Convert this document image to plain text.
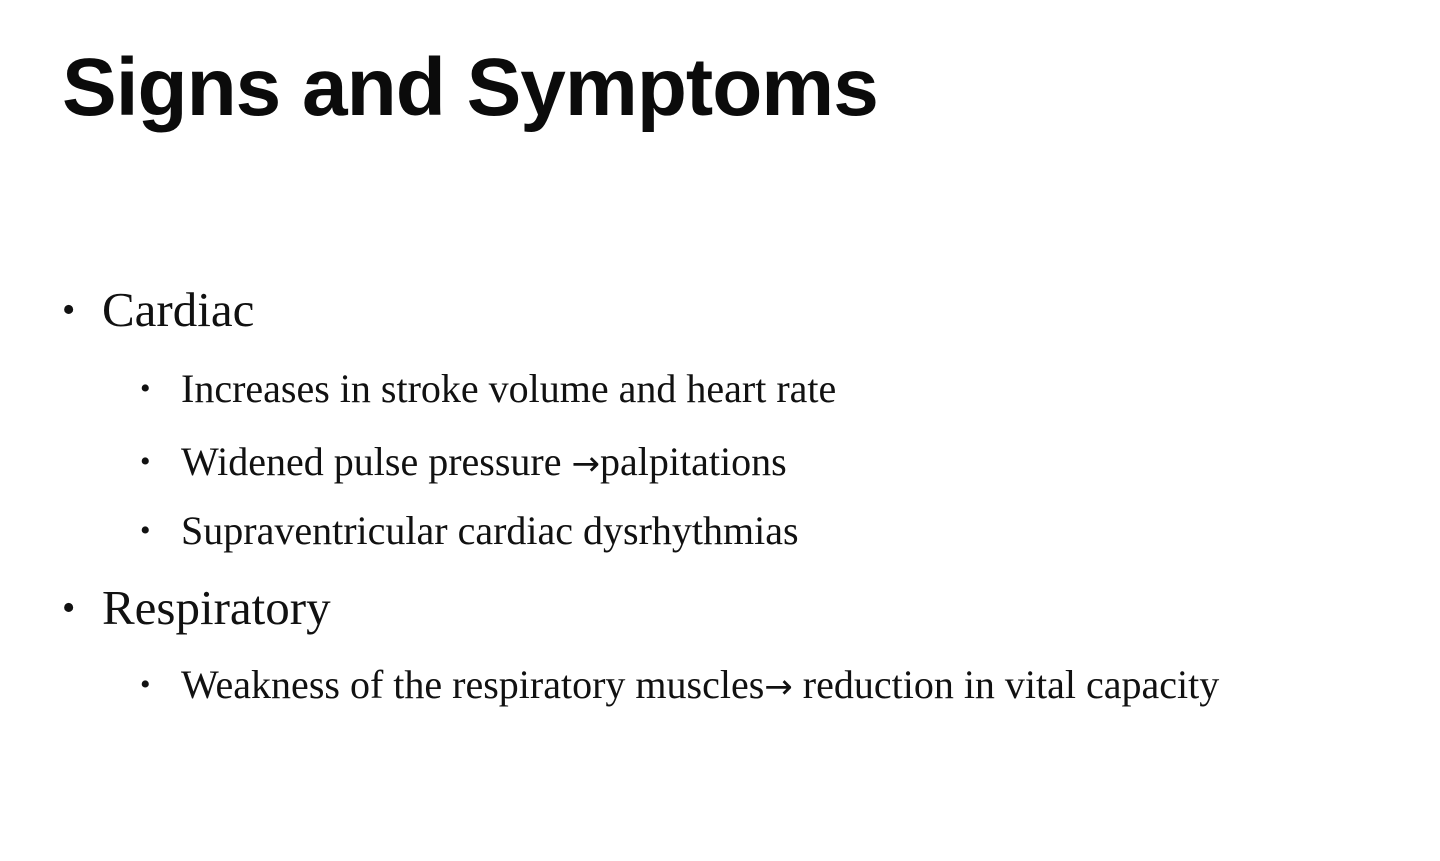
Signs and Symptoms
• Cardiac
• Increases in stroke volume and heart rate
• Widened pulse pressure →palpitations
• Supraventricular cardiac dysrhythmias
• Respiratory
• Weakness of the respiratory muscles→ reduction in vital capacity
